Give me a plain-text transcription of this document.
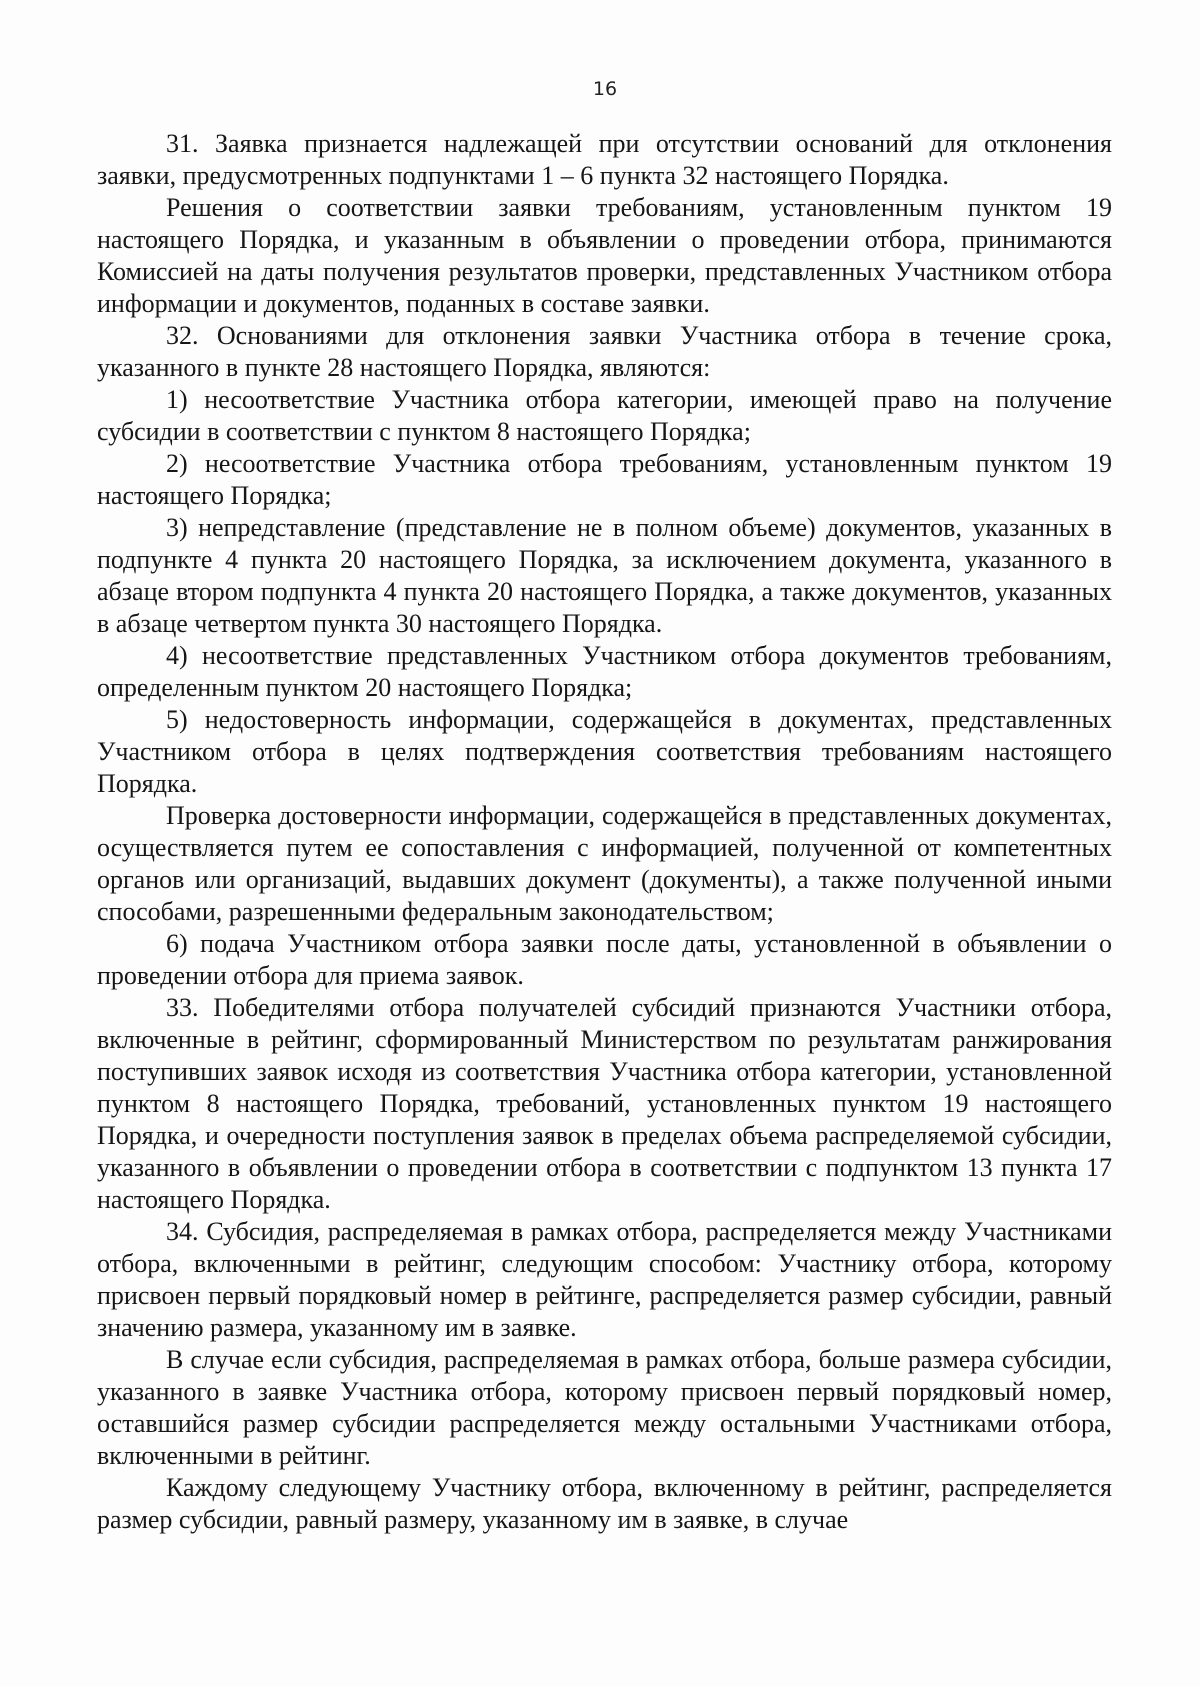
16

31. Заявка признается надлежащей при отсутствии оснований для отклонения заявки, предусмотренных подпунктами 1 – 6 пункта 32 настоящего Порядка.

Решения о соответствии заявки требованиям, установленным пунктом 19 настоящего Порядка, и указанным в объявлении о проведении отбора, принимаются Комиссией на даты получения результатов проверки, представленных Участником отбора информации и документов, поданных в составе заявки.

32. Основаниями для отклонения заявки Участника отбора в течение срока, указанного в пункте 28 настоящего Порядка, являются:

1) несоответствие Участника отбора категории, имеющей право на получение субсидии в соответствии с пунктом 8 настоящего Порядка;

2) несоответствие Участника отбора требованиям, установленным пунктом 19 настоящего Порядка;

3) непредставление (представление не в полном объеме) документов, указанных в подпункте 4 пункта 20 настоящего Порядка, за исключением документа, указанного в абзаце втором подпункта 4 пункта 20 настоящего Порядка, а также документов, указанных в абзаце четвертом пункта 30 настоящего Порядка.

4) несоответствие представленных Участником отбора документов требованиям, определенным пунктом 20 настоящего Порядка;

5) недостоверность информации, содержащейся в документах, представленных Участником отбора в целях подтверждения соответствия требованиям настоящего Порядка.

Проверка достоверности информации, содержащейся в представленных документах, осуществляется путем ее сопоставления с информацией, полученной от компетентных органов или организаций, выдавших документ (документы), а также полученной иными способами, разрешенными федеральным законодательством;

6) подача Участником отбора заявки после даты, установленной в объявлении о проведении отбора для приема заявок.

33. Победителями отбора получателей субсидий признаются Участники отбора, включенные в рейтинг, сформированный Министерством по результатам ранжирования поступивших заявок исходя из соответствия Участника отбора категории, установленной пунктом 8 настоящего Порядка, требований, установленных пунктом 19 настоящего Порядка, и очередности поступления заявок в пределах объема распределяемой субсидии, указанного в объявлении о проведении отбора в соответствии с подпунктом 13 пункта 17 настоящего Порядка.

34. Субсидия, распределяемая в рамках отбора, распределяется между Участниками отбора, включенными в рейтинг, следующим способом: Участнику отбора, которому присвоен первый порядковый номер в рейтинге, распределяется размер субсидии, равный значению размера, указанному им в заявке.

В случае если субсидия, распределяемая в рамках отбора, больше размера субсидии, указанного в заявке Участника отбора, которому присвоен первый порядковый номер, оставшийся размер субсидии распределяется между остальными Участниками отбора, включенными в рейтинг.

Каждому следующему Участнику отбора, включенному в рейтинг, распределяется размер субсидии, равный размеру, указанному им в заявке, в случае
